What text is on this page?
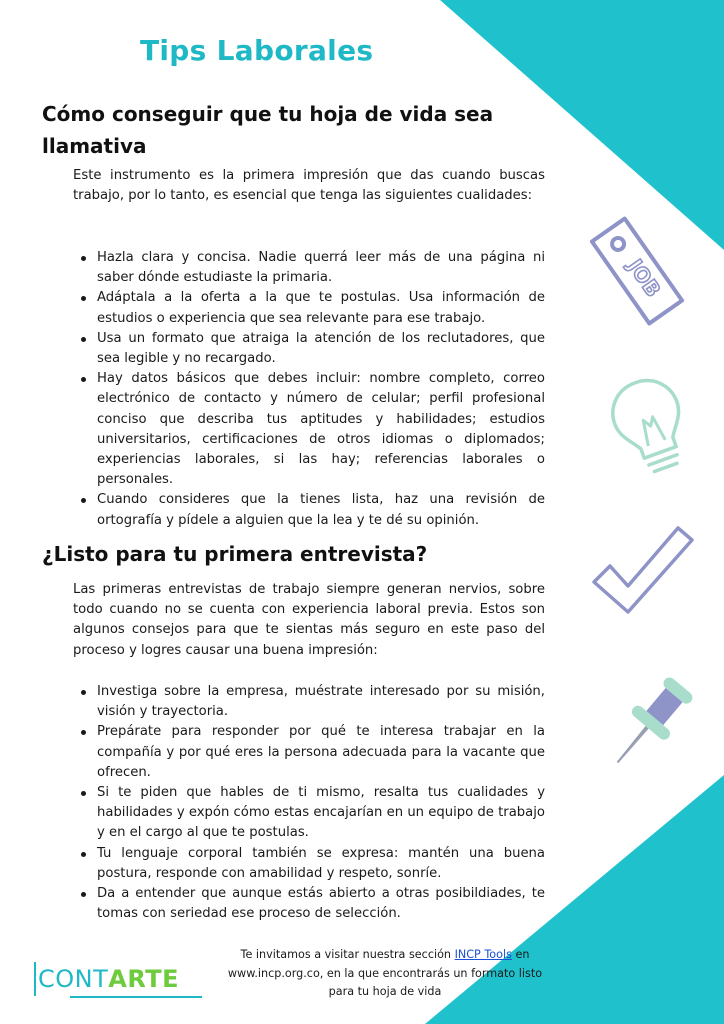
Tips Laborales
Cómo conseguir que tu hoja de vida sea llamativa

Este instrumento es la primera impresión que das cuando buscas trabajo, por lo tanto, es esencial que tenga las siguientes cualidades:

Hazla clara y concisa. Nadie querrá leer más de una página ni saber dónde estudiaste la primaria.
Adáptala a la oferta a la que te postulas. Usa información de estudios o experiencia que sea relevante para ese trabajo.
Usa un formato que atraiga la atención de los reclutadores, que sea legible y no recargado.
Hay datos básicos que debes incluir: nombre completo, correo electrónico de contacto y número de celular; perfil profesional conciso que describa tus aptitudes y habilidades; estudios universitarios, certificaciones de otros idiomas o diplomados; experiencias laborales, si las hay; referencias laborales o personales.
Cuando consideres que la tienes lista, haz una revisión de ortografía y pídele a alguien que la lea y te dé su opinión.
¿Listo para tu primera entrevista?

Las primeras entrevistas de trabajo siempre generan nervios, sobre todo cuando no se cuenta con experiencia laboral previa. Estos son algunos consejos para que te sientas más seguro en este paso del proceso y logres causar una buena impresión:

Investiga sobre la empresa, muéstrate interesado por su misión, visión y trayectoria.
Prepárate para responder por qué te interesa trabajar en la compañía y por qué eres la persona adecuada para la vacante que ofrecen.
Si te piden que hables de ti mismo, resalta tus cualidades y habilidades y expón cómo estas encajarían en un equipo de trabajo y en el cargo al que te postulas.
Tu lenguaje corporal también se expresa: mantén una buena postura, responde con amabilidad y respeto, sonríe.
Da a entender que aunque estás abierto a otras posibildiades, te tomas con seriedad ese proceso de selección.
CONT ARTE

Te invitamos a visitar nuestra sección INCP Tools en www.incp.org.co, en la que encontrarás un formato listo para tu hoja de vida

JOB
